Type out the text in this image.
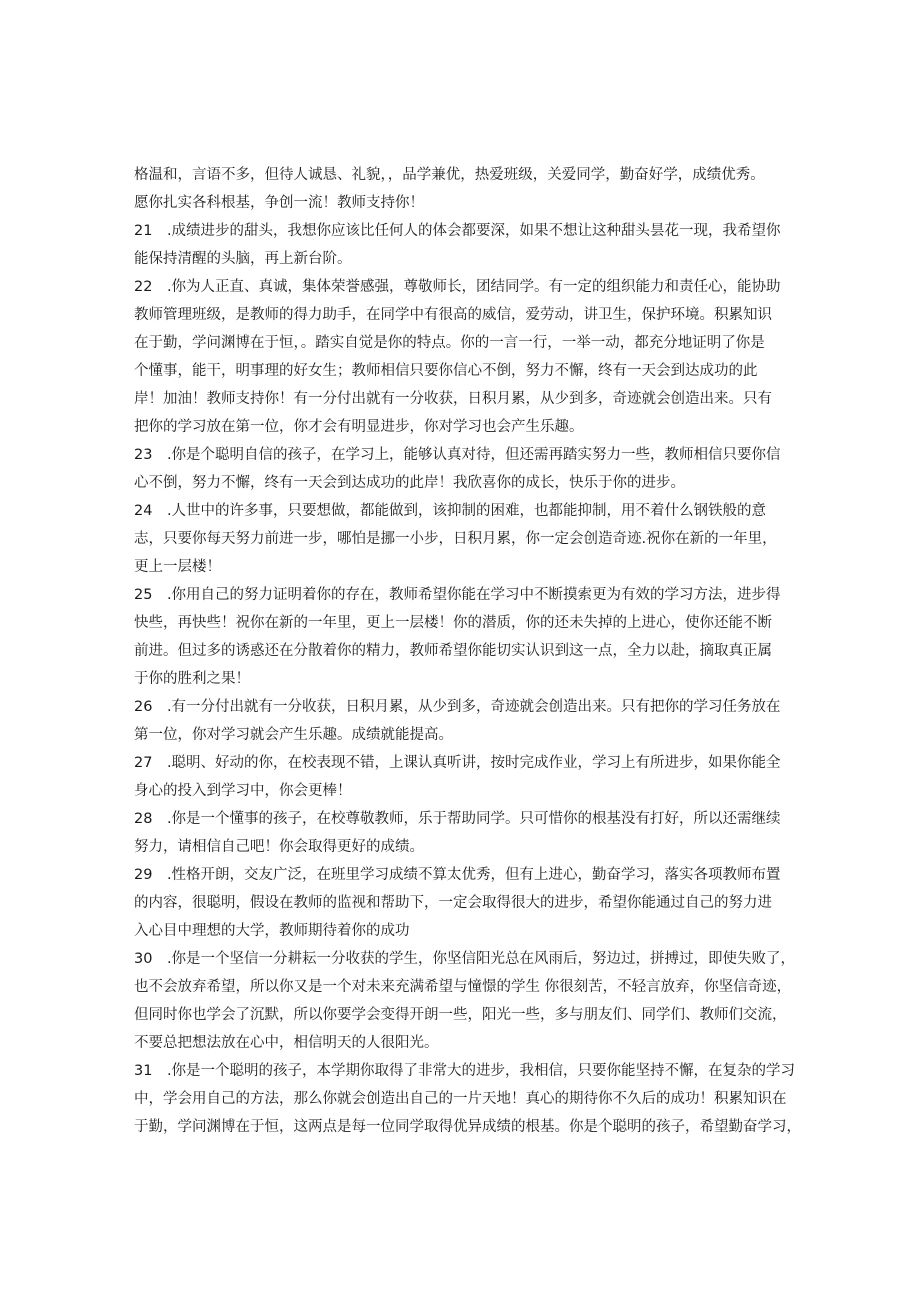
格温和，言语不多，但待人诚恳、礼貌，，品学兼优，热爱班级，关爱同学，勤奋好学，成绩优秀。

愿你扎实各科根基，争创一流！教师支持你！

21　.成绩进步的甜头，我想你应该比任何人的体会都要深，如果不想让这种甜头昙花一现，我希望你

能保持清醒的头脑，再上新台阶。

22　.你为人正直、真诚，集体荣誉感强，尊敬师长，团结同学。有一定的组织能力和责任心，能协助

教师管理班级，是教师的得力助手，在同学中有很高的威信，爱劳动，讲卫生，保护环境。积累知识

在于勤，学问渊博在于恒，。踏实自觉是你的特点。你的一言一行，一举一动，都充分地证明了你是

个懂事，能干，明事理的好女生；教师相信只要你信心不倒，努力不懈，终有一天会到达成功的此

岸！加油！教师支持你！有一分付出就有一分收获，日积月累，从少到多，奇迹就会创造出来。只有

把你的学习放在第一位，你才会有明显进步，你对学习也会产生乐趣。

23　.你是个聪明自信的孩子，在学习上，能够认真对待，但还需再踏实努力一些，教师相信只要你信

心不倒，努力不懈，终有一天会到达成功的此岸！我欣喜你的成长，快乐于你的进步。

24　.人世中的许多事，只要想做，都能做到，该抑制的困难，也都能抑制，用不着什么钢铁般的意

志，只要你每天努力前进一步，哪怕是挪一小步，日积月累，你一定会创造奇迹.祝你在新的一年里，

更上一层楼！

25　.你用自己的努力证明着你的存在，教师希望你能在学习中不断摸索更为有效的学习方法，进步得

快些，再快些！祝你在新的一年里，更上一层楼！你的潜质，你的还未失掉的上进心，使你还能不断

前进。但过多的诱惑还在分散着你的精力，教师希望你能切实认识到这一点，全力以赴，摘取真正属

于你的胜利之果！

26　.有一分付出就有一分收获，日积月累，从少到多，奇迹就会创造出来。只有把你的学习任务放在

第一位，你对学习就会产生乐趣。成绩就能提高。

27　.聪明、好动的你，在校表现不错，上课认真听讲，按时完成作业，学习上有所进步，如果你能全

身心的投入到学习中，你会更棒！

28　.你是一个懂事的孩子，在校尊敬教师，乐于帮助同学。只可惜你的根基没有打好，所以还需继续

努力，请相信自己吧！你会取得更好的成绩。

29　.性格开朗，交友广泛，在班里学习成绩不算太优秀，但有上进心，勤奋学习，落实各项教师布置

的内容，很聪明，假设在教师的监视和帮助下，一定会取得很大的进步，希望你能通过自己的努力进

入心目中理想的大学，教师期待着你的成功

30　.你是一个坚信一分耕耘一分收获的学生，你坚信阳光总在风雨后，努边过，拼搏过，即使失败了，

也不会放弃希望，所以你又是一个对未来充满希望与憧憬的学生 你很刻苦，不轻言放弃，你坚信奇迹，

但同时你也学会了沉默，所以你要学会变得开朗一些，阳光一些，多与朋友们、同学们、教师们交流，

不要总把想法放在心中，相信明天的人很阳光。

31　.你是一个聪明的孩子，本学期你取得了非常大的进步，我相信，只要你能坚持不懈，在复杂的学习

中，学会用自己的方法，那么你就会创造出自己的一片天地！真心的期待你不久后的成功！积累知识在

于勤，学问渊博在于恒，这两点是每一位同学取得优异成绩的根基。你是个聪明的孩子，希望勤奋学习，
